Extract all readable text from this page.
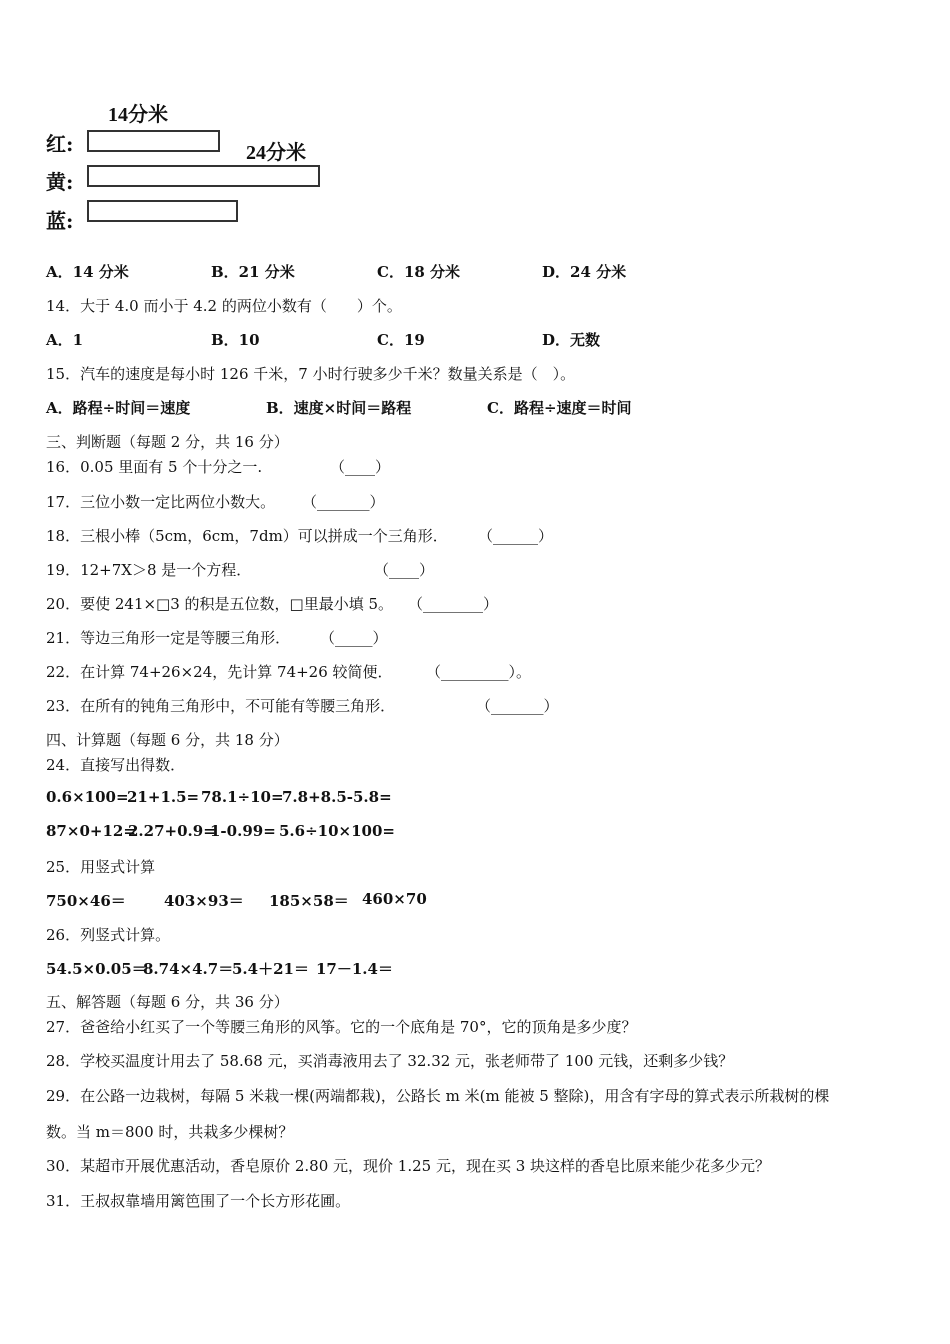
14分米
红:	24分米
黄:
蓝:
A．14 分米	B．21 分米	C．18 分米	D．24 分米
14．大于 4.0 而小于 4.2 的两位小数有（　　）个。
A．1	B．10	C．19	D．无数
15．汽车的速度是每小时 126 千米，7 小时行驶多少千米？数量关系是（　）。
A．路程÷时间＝速度	B．速度×时间＝路程	C．路程÷速度＝时间
三、判断题（每题 2 分，共 16 分）
16．0.05 里面有 5 个十分之一.	（____）
17．三位小数一定比两位小数大。 （_______）
18．三根小棒（5cm，6cm，7dm）可以拼成一个三角形． （______）
19．12+7X＞8 是一个方程．	（____）
20．要使 241×□3 的积是五位数，□里最小填 5。 （________）
21．等边三角形一定是等腰三角形． （_____）
22．在计算 74+26×24，先计算 74+26 较简便． （_________）。
23．在所有的钝角三角形中，不可能有等腰三角形．	（_______）
四、计算题（每题 6 分，共 18 分）
24．直接写出得数．
0.6×100=
21+1.5= 78.1÷10=
7.8+8.5-5.8=
87×0+12=
2.27+0.9=
1-0.99= 5.6÷10×100=
25．用竖式计算
750×46＝	403×93＝ 185×58＝ 460×70
26．列竖式计算。
54.5×0.05＝
8.74×4.7＝
5.4＋21＝ 17－1.4＝
五、解答题（每题 6 分，共 36 分）
27．爸爸给小红买了一个等腰三角形的风筝。它的一个底角是 70°，它的顶角是多少度？
28．学校买温度计用去了 58.68 元，买消毒液用去了 32.32 元，张老师带了 100 元钱，还剩多少钱？
29．在公路一边栽树，每隔 5 米栽一棵(两端都栽)，公路长 m 米(m 能被 5 整除)，用含有字母的算式表示所栽树的棵
数。当 m＝800 时，共栽多少棵树？
30．某超市开展优惠活动，香皂原价 2.80 元，现价 1.25 元，现在买 3 块这样的香皂比原来能少花多少元？
31．王叔叔靠墙用篱笆围了一个长方形花圃。
